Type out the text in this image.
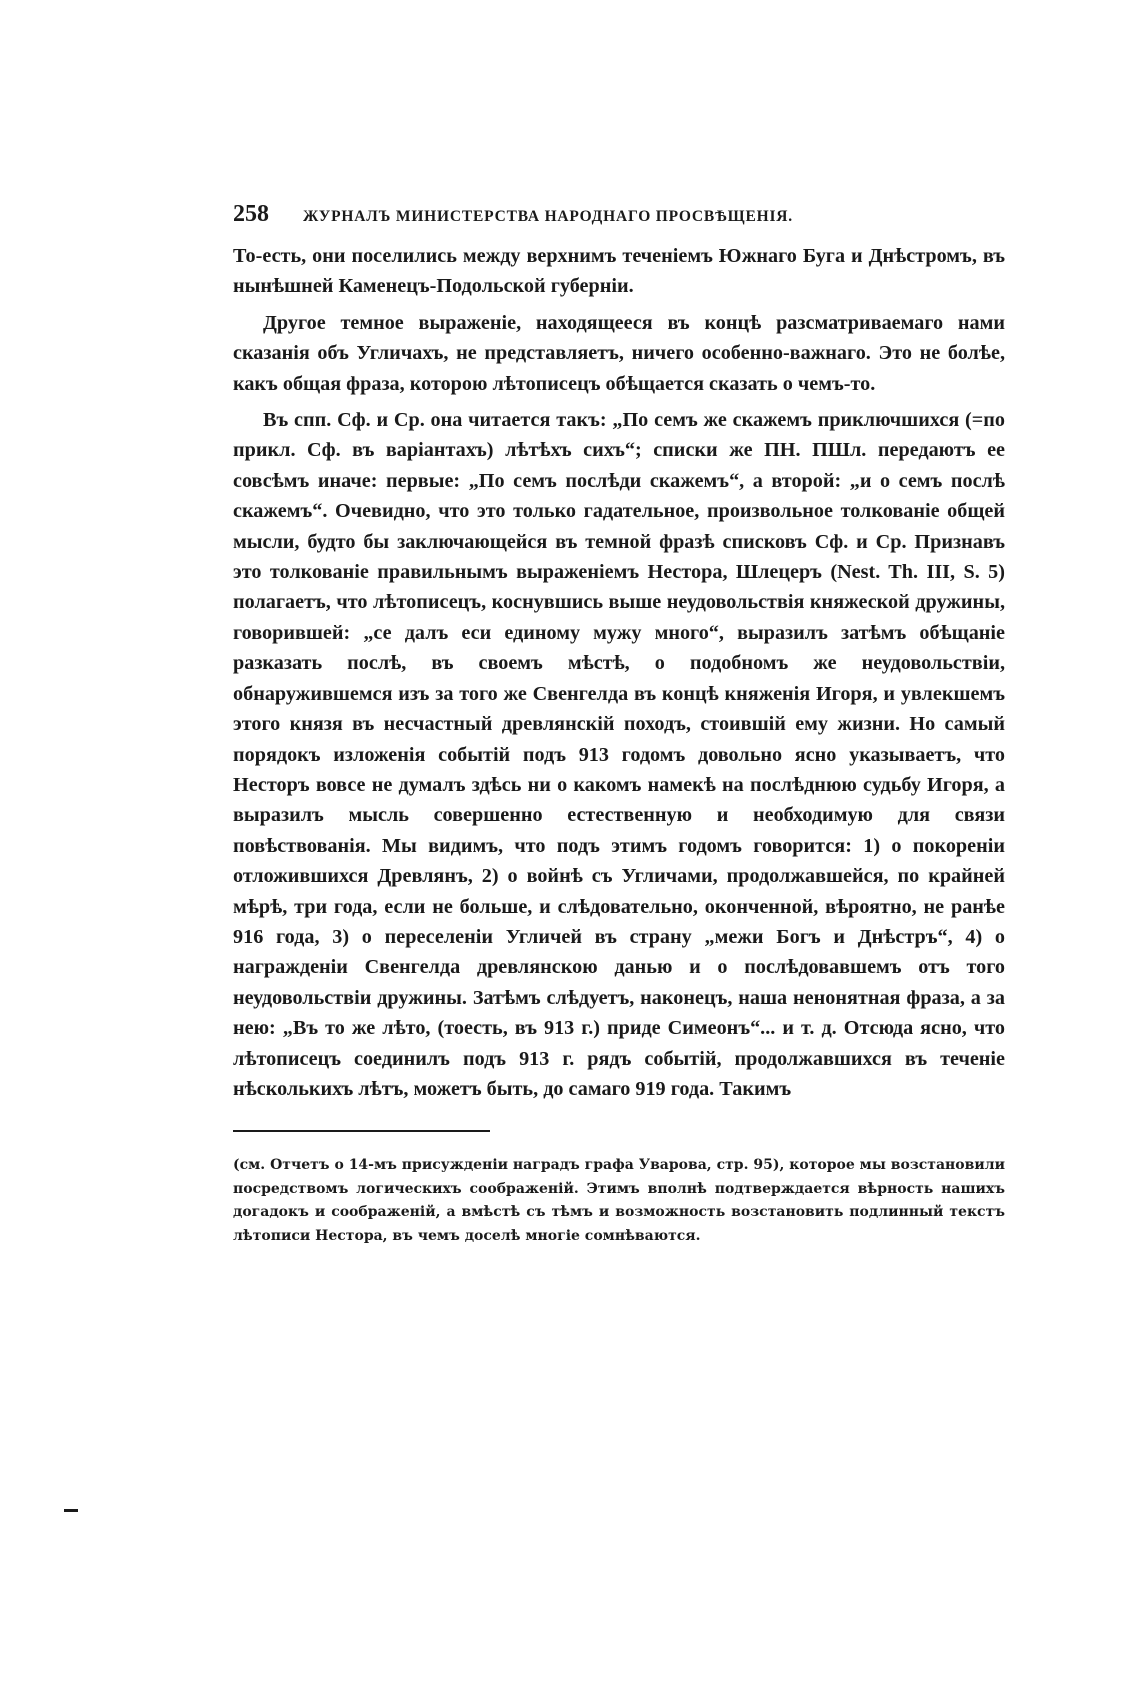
258 ЖУРНАЛЪ МИНИСТЕРСТВА НАРОДНАГО ПРОСВѢЩЕНІЯ.

То-есть, они поселились между верхнимъ теченіемъ Южнаго Буга и Днѣстромъ, въ нынѣшней Каменецъ-Подольской губерніи.

Другое темное выраженіе, находящееся въ концѣ разсматриваемаго нами сказанія объ Угличахъ, не представляетъ, ничего особенно-важнаго. Это не болѣе, какъ общая фраза, которою лѣтописецъ обѣщается сказать о чемъ-то.

Въ спп. Сф. и Ср. она читается такъ: „По семъ же скажемъ приключшихся (=по прикл. Сф. въ варіантахъ) лѣтѣхъ сихъ“; списки же ПН. ПШл. передаютъ ее совсѣмъ иначе: первые: „По семъ послѣди скажемъ“, а второй: „и о семъ послѣ скажемъ“. Очевидно, что это только гадательное, произвольное толкованіе общей мысли, будто бы заключающейся въ темной фразѣ списковъ Сф. и Ср. Признавъ это толкованіе правильнымъ выраженіемъ Нестора, Шлецеръ (Nest. Th. III, S. 5) полагаетъ, что лѣтописецъ, коснувшись выше неудовольствія княжеской дружины, говорившей: „се далъ еси единому мужу много“, выразилъ затѣмъ обѣщаніе разказать послѣ, въ своемъ мѣстѣ, о подобномъ же неудовольствіи, обнаружившемся изъ за того же Свенгелда въ концѣ княженія Игоря, и увлекшемъ этого князя въ несчастный древлянскій походъ, стоившій ему жизни. Но самый порядокъ изложенія событій подъ 913 годомъ довольно ясно указываетъ, что Несторъ вовсе не думалъ здѣсь ни о какомъ намекѣ на послѣднюю судьбу Игоря, а выразилъ мысль совершенно естественную и необходимую для связи повѣствованія. Мы видимъ, что подъ этимъ годомъ говорится: 1) о покореніи отложившихся Древлянъ, 2) о войнѣ съ Угличами, продолжавшейся, по крайней мѣрѣ, три года, если не больше, и слѣдовательно, оконченной, вѣроятно, не ранѣе 916 года, 3) о переселеніи Угличей въ страну „межи Богъ и Днѣстръ“, 4) о награжденіи Свенгелда древлянскою данью и о послѣдовавшемъ отъ того неудовольствіи дружины. Затѣмъ слѣдуетъ, наконецъ, наша ненонятная фраза, а за нею: „Въ то же лѣто, (тоесть, въ 913 г.) приде Симеонъ“... и т. д. Отсюда ясно, что лѣтописецъ соединилъ подъ 913 г. рядъ событій, продолжавшихся въ теченіе нѣсколькихъ лѣтъ, можетъ быть, до самаго 919 года. Такимъ

(см. Отчетъ о 14-мъ присужденіи наградъ графа Уварова, стр. 95), которое мы возстановили посредствомъ логическихъ соображеній. Этимъ вполнѣ подтверждается вѣрность нашихъ догадокъ и соображеній, а вмѣстѣ съ тѣмъ и возможность возстановить подлинный текстъ лѣтописи Нестора, въ чемъ доселѣ многіе сомнѣваются.
